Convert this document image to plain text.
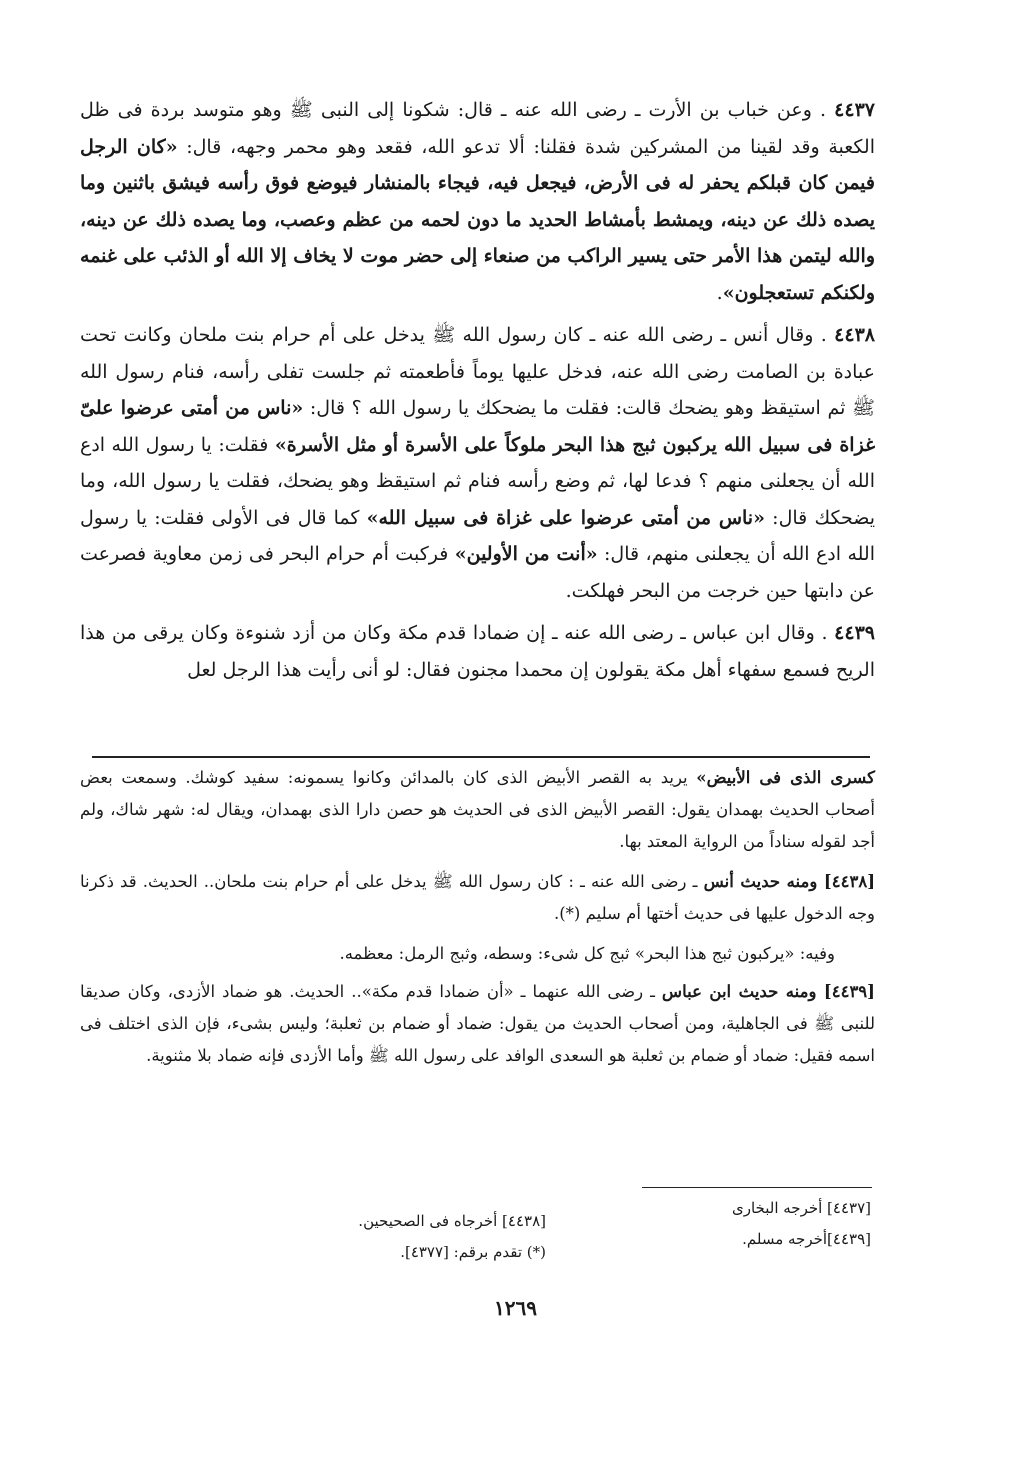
٤٤٣٧ . وعن خباب بن الأرت ـ رضى الله عنه ـ قال: شكونا إلى النبى ﷺ وهو متوسد بردة فى ظل الكعبة وقد لقينا من المشركين شدة فقلنا: ألا تدعو الله، فقعد وهو محمر وجهه، قال: «كان الرجل فيمن كان قبلكم يحفر له فى الأرض، فيجعل فيه، فيجاء بالمنشار فيوضع فوق رأسه فيشق باثنين وما يصده ذلك عن دينه، ويمشط بأمشاط الحديد ما دون لحمه من عظم وعصب، وما يصده ذلك عن دينه، والله ليتمن هذا الأمر حتى يسير الراكب من صنعاء إلى حضر موت لا يخاف إلا الله أو الذئب على غنمه ولكنكم تستعجلون».

٤٤٣٨ . وقال أنس ـ رضى الله عنه ـ كان رسول الله ﷺ يدخل على أم حرام بنت ملحان وكانت تحت عبادة بن الصامت رضى الله عنه، فدخل عليها يوماً فأطعمته ثم جلست تفلى رأسه، فنام رسول الله ﷺ ثم استيقظ وهو يضحك قالت: فقلت ما يضحكك يا رسول الله ؟ قال: «ناس من أمتى عرضوا علىّ غزاة فى سبيل الله يركبون ثبج هذا البحر ملوكاً على الأسرة أو مثل الأسرة» فقلت: يا رسول الله ادع الله أن يجعلنى منهم ؟ فدعا لها، ثم وضع رأسه فنام ثم استيقظ وهو يضحك، فقلت يا رسول الله، وما يضحكك قال: «ناس من أمتى عرضوا على غزاة فى سبيل الله» كما قال فى الأولى فقلت: يا رسول الله ادع الله أن يجعلنى منهم، قال: «أنت من الأولين» فركبت أم حرام البحر فى زمن معاوية فصرعت عن دابتها حين خرجت من البحر فهلكت.

٤٤٣٩ . وقال ابن عباس ـ رضى الله عنه ـ إن ضمادا قدم مكة وكان من أزد شنوءة وكان يرقى من هذا الريح فسمع سفهاء أهل مكة يقولون إن محمدا مجنون فقال: لو أنى رأيت هذا الرجل لعل

كسرى الذى فى الأبيض» يريد به القصر الأبيض الذى كان بالمدائن وكانوا يسمونه: سفيد كوشك. وسمعت بعض أصحاب الحديث بهمدان يقول: القصر الأبيض الذى فى الحديث هو حصن دارا الذى بهمدان، ويقال له: شهر شاك، ولم أجد لقوله سناداً من الرواية المعتد بها.

[٤٤٣٨] ومنه حديث أنس ـ رضى الله عنه ـ : كان رسول الله ﷺ يدخل على أم حرام بنت ملحان.. الحديث. قد ذكرنا وجه الدخول عليها فى حديث أختها أم سليم (*).

وفيه: «يركبون ثبج هذا البحر» ثبج كل شىء: وسطه، وثبج الرمل: معظمه.

[٤٤٣٩] ومنه حديث ابن عباس ـ رضى الله عنهما ـ «أن ضمادا قدم مكة».. الحديث. هو ضماد الأزدى، وكان صديقا للنبى ﷺ فى الجاهلية، ومن أصحاب الحديث من يقول: ضماد أو ضمام بن ثعلبة؛ وليس بشىء، فإن الذى اختلف فى اسمه فقيل: ضماد أو ضمام بن ثعلبة هو السعدى الوافد على رسول الله ﷺ وأما الأزدى فإنه ضماد بلا مثنوية.

[٤٤٣٧] أخرجه البخارى
[٤٤٣٩]أخرجه مسلم.
[٤٤٣٨] أخرجاه فى الصحيحين.
(*) تقدم برقم: [٤٣٧٧].
١٢٦٩
